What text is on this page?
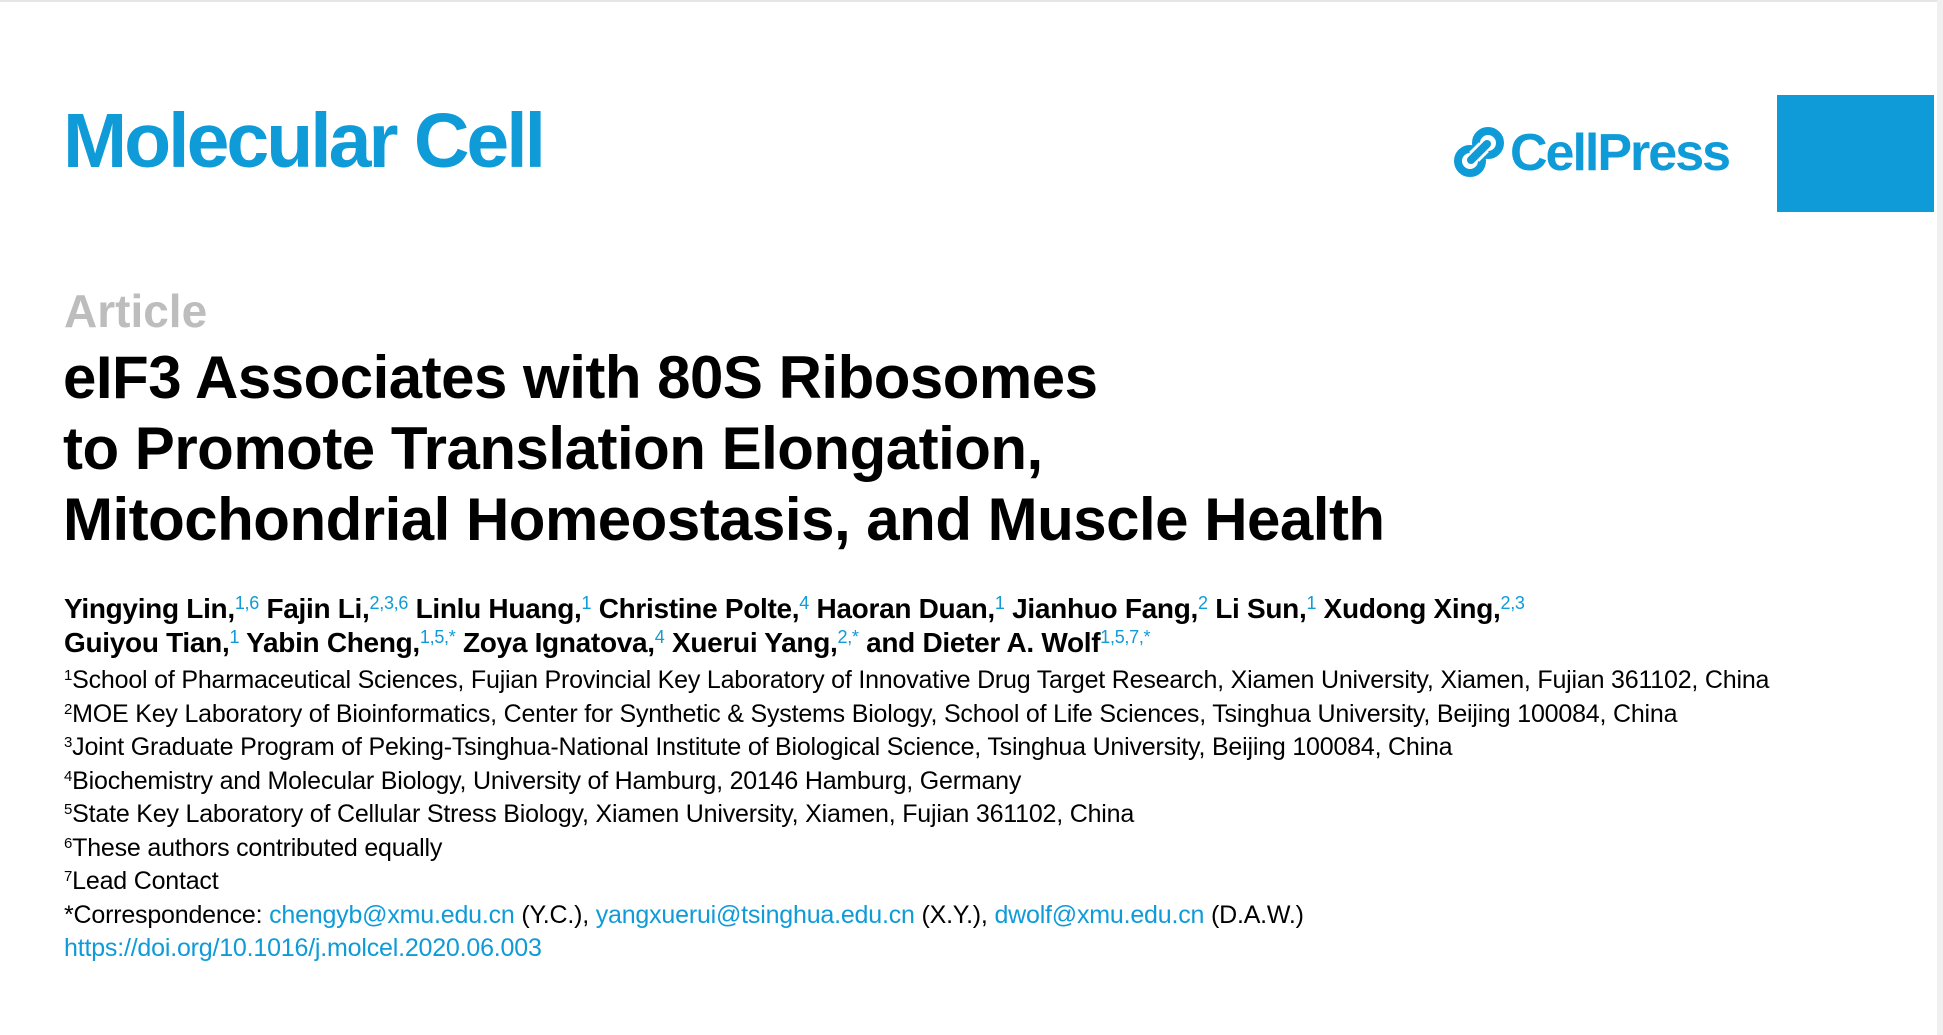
Molecular Cell	CellPress
Article
eIF3 Associates with 80S Ribosomes
to Promote Translation Elongation,
Mitochondrial Homeostasis, and Muscle Health
Yingying Lin,$^{1,6}$ Fajin Li,$^{2,3,6}$ Linlu Huang,$^1$ Christine Polte,$^4$ Haoran Duan,$^1$ Jianhuo Fang,$^2$ Li Sun,$^1$ Xudong Xing,$^{2,3}$
Guiyou Tian,$^1$ Yabin Cheng,$^{1,5,*}$ Zoya Ignatova,$^4$ Xuerui Yang,$^{2,*}$ and Dieter A. Wolf$^{1,5,7,*}$

$^1$School of Pharmaceutical Sciences, Fujian Provincial Key Laboratory of Innovative Drug Target Research, Xiamen University, Xiamen, Fujian 361102, China

$^2$MOE Key Laboratory of Bioinformatics, Center for Synthetic & Systems Biology, School of Life Sciences, Tsinghua University, Beijing 100084, China

$^3$Joint Graduate Program of Peking-Tsinghua-National Institute of Biological Science, Tsinghua University, Beijing 100084, China

$^4$Biochemistry and Molecular Biology, University of Hamburg, 20146 Hamburg, Germany

$^5$State Key Laboratory of Cellular Stress Biology, Xiamen University, Xiamen, Fujian 361102, China

$^6$These authors contributed equally

$^7$Lead Contact

*Correspondence: chengyb@xmu.edu.cn (Y.C.), yangxuerui@tsinghua.edu.cn (X.Y.), dwolf@xmu.edu.cn (D.A.W.)

https://doi.org/10.1016/j.molcel.2020.06.003
